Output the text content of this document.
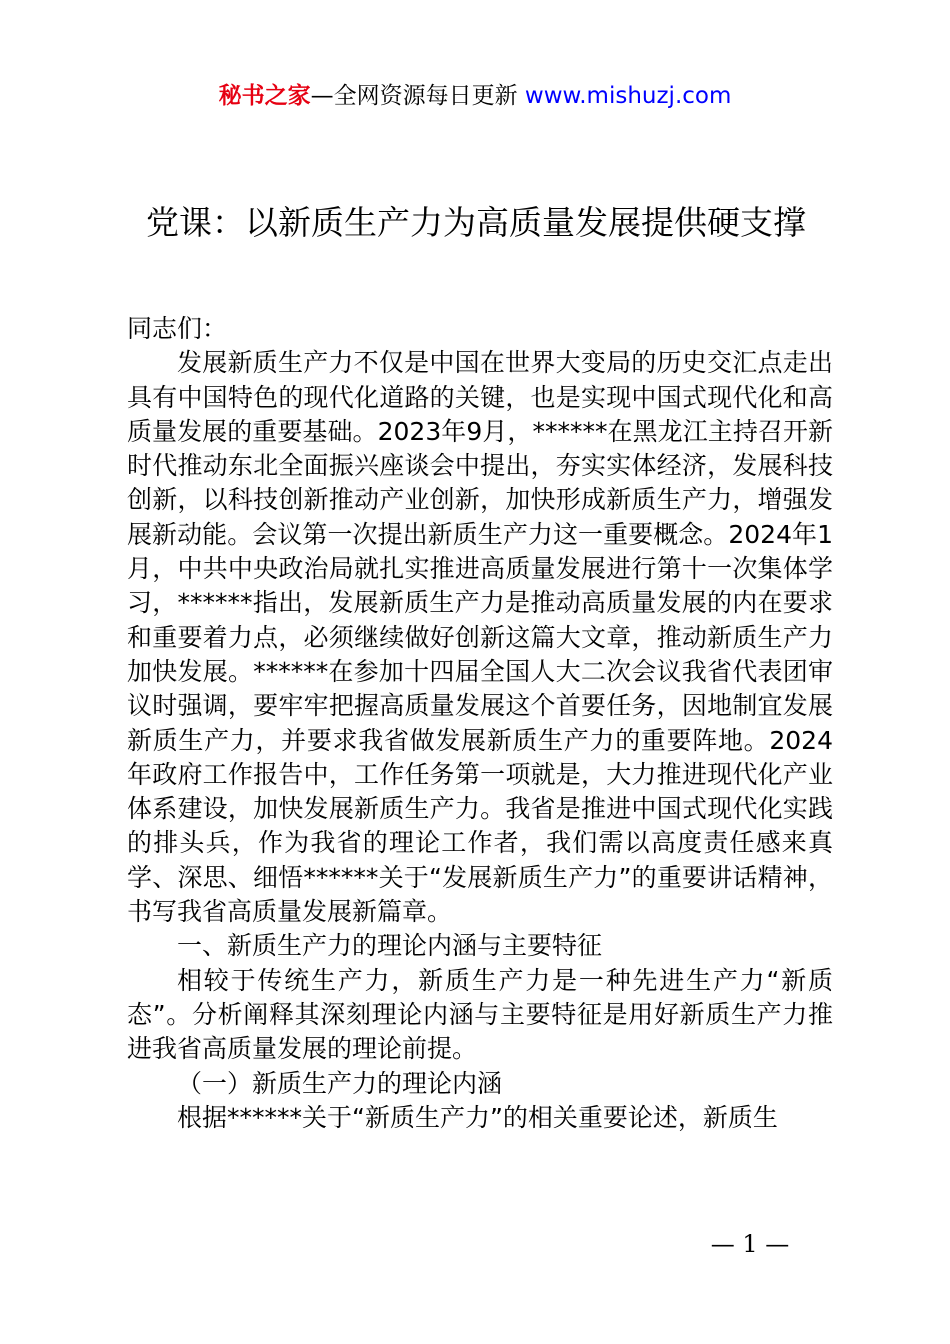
秘书之家—全网资源每日更新 www.mishuzj.com
党课：以新质生产力为高质量发展提供硬支撑

同志们：

发展新质生产力不仅是中国在世界大变局的历史交汇点走出具有中国特色的现代化道路的关键，也是实现中国式现代化和高质量发展的重要基础。2023年9月，******在黑龙江主持召开新时代推动东北全面振兴座谈会中提出，夯实实体经济，发展科技创新，以科技创新推动产业创新，加快形成新质生产力，增强发展新动能。会议第一次提出新质生产力这一重要概念。2024年1月，中共中央政治局就扎实推进高质量发展进行第十一次集体学习，******指出，发展新质生产力是推动高质量发展的内在要求和重要着力点，必须继续做好创新这篇大文章，推动新质生产力加快发展。******在参加十四届全国人大二次会议我省代表团审议时强调，要牢牢把握高质量发展这个首要任务，因地制宜发展新质生产力，并要求我省做发展新质生产力的重要阵地。2024年政府工作报告中，工作任务第一项就是，大力推进现代化产业体系建设，加快发展新质生产力。我省是推进中国式现代化实践的排头兵，作为我省的理论工作者，我们需以高度责任感来真学、深思、细悟******关于“发展新质生产力”的重要讲话精神，书写我省高质量发展新篇章。

一、新质生产力的理论内涵与主要特征

相较于传统生产力，新质生产力是一种先进生产力“新质态”。分析阐释其深刻理论内涵与主要特征是用好新质生产力推进我省高质量发展的理论前提。

（一）新质生产力的理论内涵

根据******关于“新质生产力”的相关重要论述，新质生

— 1 —
